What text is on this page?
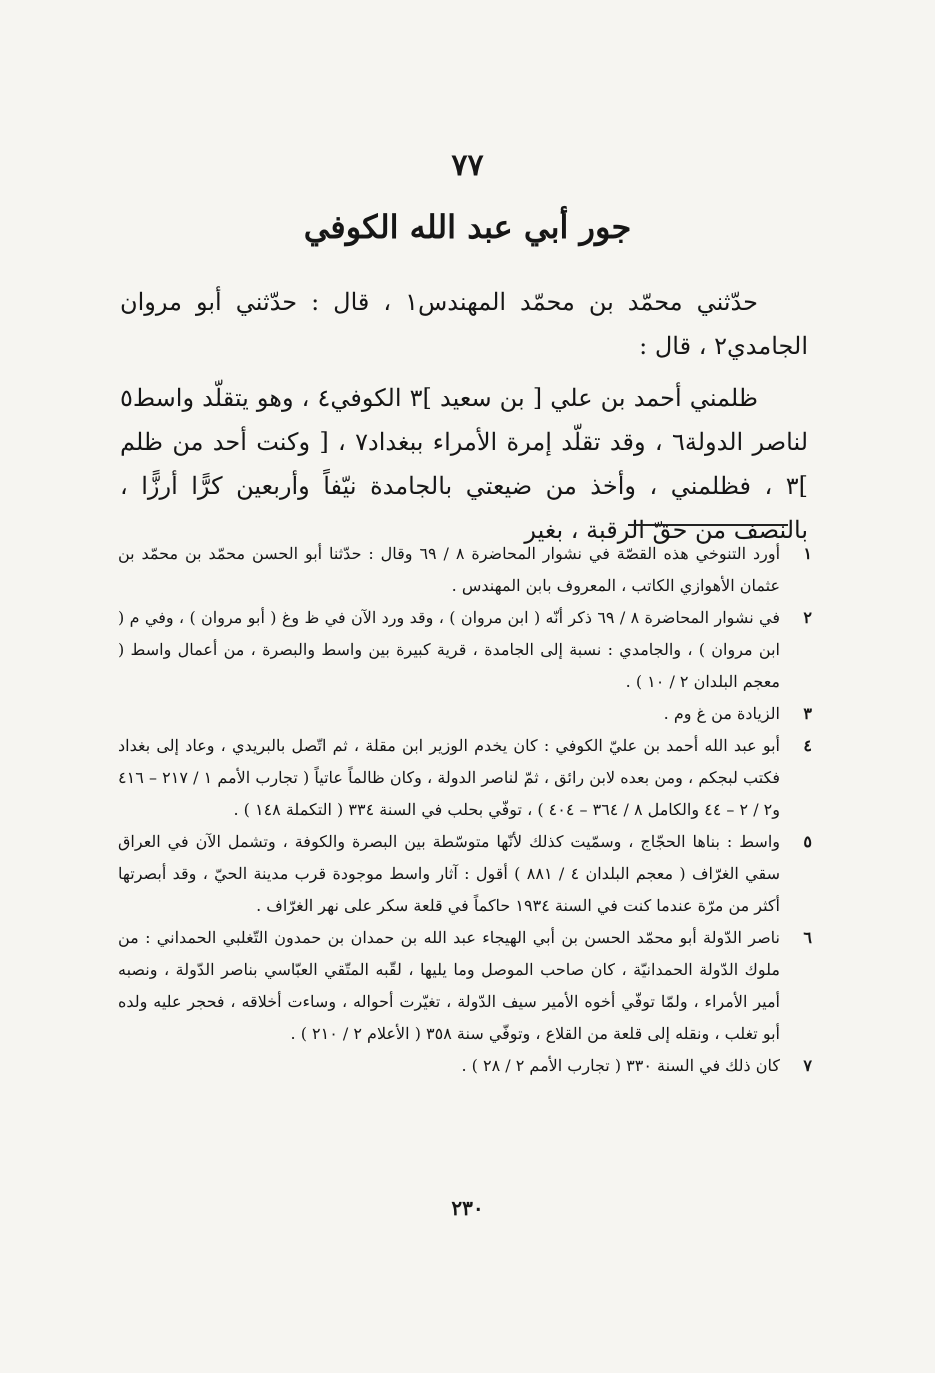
٧٧
جور أبي عبد الله الكوفي

حدّثني محمّد بن محمّد المهندس١ ، قال : حدّثني أبو مروان الجامدي٢ ، قال :

ظلمني أحمد بن علي [ بن سعيد ]٣ الكوفي٤ ، وهو يتقلّد واسط٥ لناصر الدولة٦ ، وقد تقلّد إمرة الأمراء ببغداد٧ ، [ وكنت أحد من ظلم ]٣ ، فظلمني ، وأخذ من ضيعتي بالجامدة نيّفاً وأربعين كرًّا أرزًّا ، بالنصف من حقّ الرقبة ، بغير

١
أورد التنوخي هذه القصّة في نشوار المحاضرة ٨ / ٦٩ وقال : حدّثنا أبو الحسن محمّد بن محمّد بن عثمان الأهوازي الكاتب ، المعروف بابن المهندس .
٢
في نشوار المحاضرة ٨ / ٦٩ ذكر أنّه ( ابن مروان ) ، وقد ورد الآن في ظ وغ ( أبو مروان ) ، وفي م ( ابن مروان ) ، والجامدي : نسبة إلى الجامدة ، قرية كبيرة بين واسط والبصرة ، من أعمال واسط ( معجم البلدان ٢ / ١٠ ) .
٣
الزيادة من غ وم .
٤
أبو عبد الله أحمد بن عليّ الكوفي : كان يخدم الوزير ابن مقلة ، ثم اتّصل بالبريدي ، وعاد إلى بغداد فكتب لبجكم ، ومن بعده لابن رائق ، ثمّ لناصر الدولة ، وكان ظالماً عاتياً ( تجارب الأمم ١ / ٢١٧ – ٤١٦ و٢ / ٢ – ٤٤ والكامل ٨ / ٣٦٤ – ٤٠٤ ) ، توفّي بحلب في السنة ٣٣٤ ( التكملة ١٤٨ ) .
٥
واسط : بناها الحجّاج ، وسمّيت كذلك لأنّها متوسّطة بين البصرة والكوفة ، وتشمل الآن في العراق سقي الغرّاف ( معجم البلدان ٤ / ٨٨١ ) أقول : آثار واسط موجودة قرب مدينة الحيّ ، وقد أبصرتها أكثر من مرّة عندما كنت في السنة ١٩٣٤ حاكماً في قلعة سكر على نهر الغرّاف .
٦
ناصر الدّولة أبو محمّد الحسن بن أبي الهيجاء عبد الله بن حمدان بن حمدون التّغلبي الحمداني : من ملوك الدّولة الحمدانيّة ، كان صاحب الموصل وما يليها ، لقّبه المتّقي العبّاسي بناصر الدّولة ، ونصبه أمير الأمراء ، ولمّا توفّي أخوه الأمير سيف الدّولة ، تغيّرت أحواله ، وساءت أخلاقه ، فحجر عليه ولده أبو تغلب ، ونقله إلى قلعة من القلاع ، وتوفّي سنة ٣٥٨ ( الأعلام ٢ / ٢١٠ ) .
٧
كان ذلك في السنة ٣٣٠ ( تجارب الأمم ٢ / ٢٨ ) .
٢٣٠
